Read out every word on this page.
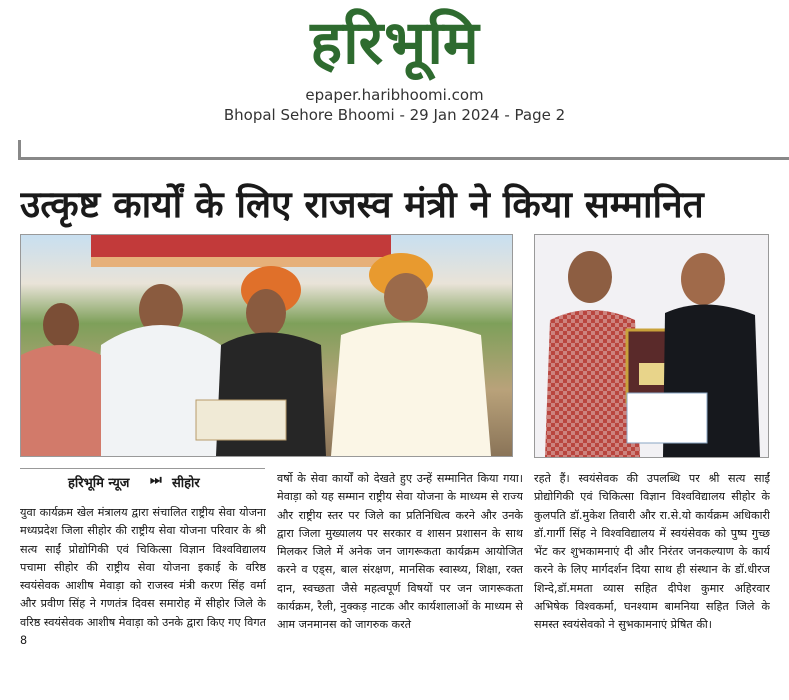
हरिभूमि
epaper.haribhoomi.com
Bhopal Sehore Bhoomi - 29 Jan 2024 - Page 2
उत्कृष्ट कार्यों के लिए राजस्व मंत्री ने किया सम्मानित
हरिभूमि न्यूज ⏭ सीहोर
युवा कार्यक्रम खेल मंत्रालय द्वारा संचालित राष्ट्रीय सेवा योजना मध्यप्रदेश जिला सीहोर की राष्ट्रीय सेवा योजना परिवार के श्री सत्य साईं प्रोद्योगिकी एवं चिकित्सा विज्ञान विश्वविद्यालय पचामा सीहोर की राष्ट्रीय सेवा योजना इकाई के वरिष्ठ स्वयंसेवक आशीष मेवाड़ा को राजस्व मंत्री करण सिंह वर्मा और प्रवीण सिंह ने गणतंत्र दिवस समारोह में सीहोर जिले के वरिष्ठ स्वयंसेवक आशीष मेवाड़ा को उनके द्वारा किए गए विगत 8
वर्षो के सेवा कार्यों को देखते हुए उन्हें सम्मानित किया गया। मेवाड़ा को यह सम्मान राष्ट्रीय सेवा योजना के माध्यम से राज्य और राष्ट्रीय स्तर पर जिले का प्रतिनिधित्व करने और उनके द्वारा जिला मुख्यालय पर सरकार व शासन प्रशासन के साथ मिलकर जिले में अनेक जन जागरूकता कार्यक्रम आयोजित करने व एड्स, बाल संरक्षण, मानसिक स्वास्थ्य, शिक्षा, रक्त दान, स्वच्छता जैसे महत्वपूर्ण विषयों पर जन जागरूकता कार्यक्रम, रैली, नुक्कड़ नाटक और कार्यशालाओं के माध्यम से आम जनमानस को जागरुक करते
रहते हैं। स्वयंसेवक की उपलब्धि पर श्री सत्य साईं प्रोद्योगिकी एवं चिकित्सा विज्ञान विश्वविद्यालय सीहोर के कुलपति डॉ.मुकेश तिवारी और रा.से.यो कार्यक्रम अधिकारी डॉ.गार्गी सिंह ने विश्वविद्यालय में स्वयंसेवक को पुष्प गुच्छ भेंट कर शुभकामनाएं दी और निरंतर जनकल्याण के कार्य करने के लिए मार्गदर्शन दिया साथ ही संस्थान के डॉ.धीरज शिन्दे,डॉ.ममता व्यास सहित दीपेश कुमार अहिरवार अभिषेक विश्वकर्मा, घनश्याम बामनिया सहित जिले के समस्त स्वयंसेवको ने सुभकामनाएं प्रेषित की।
